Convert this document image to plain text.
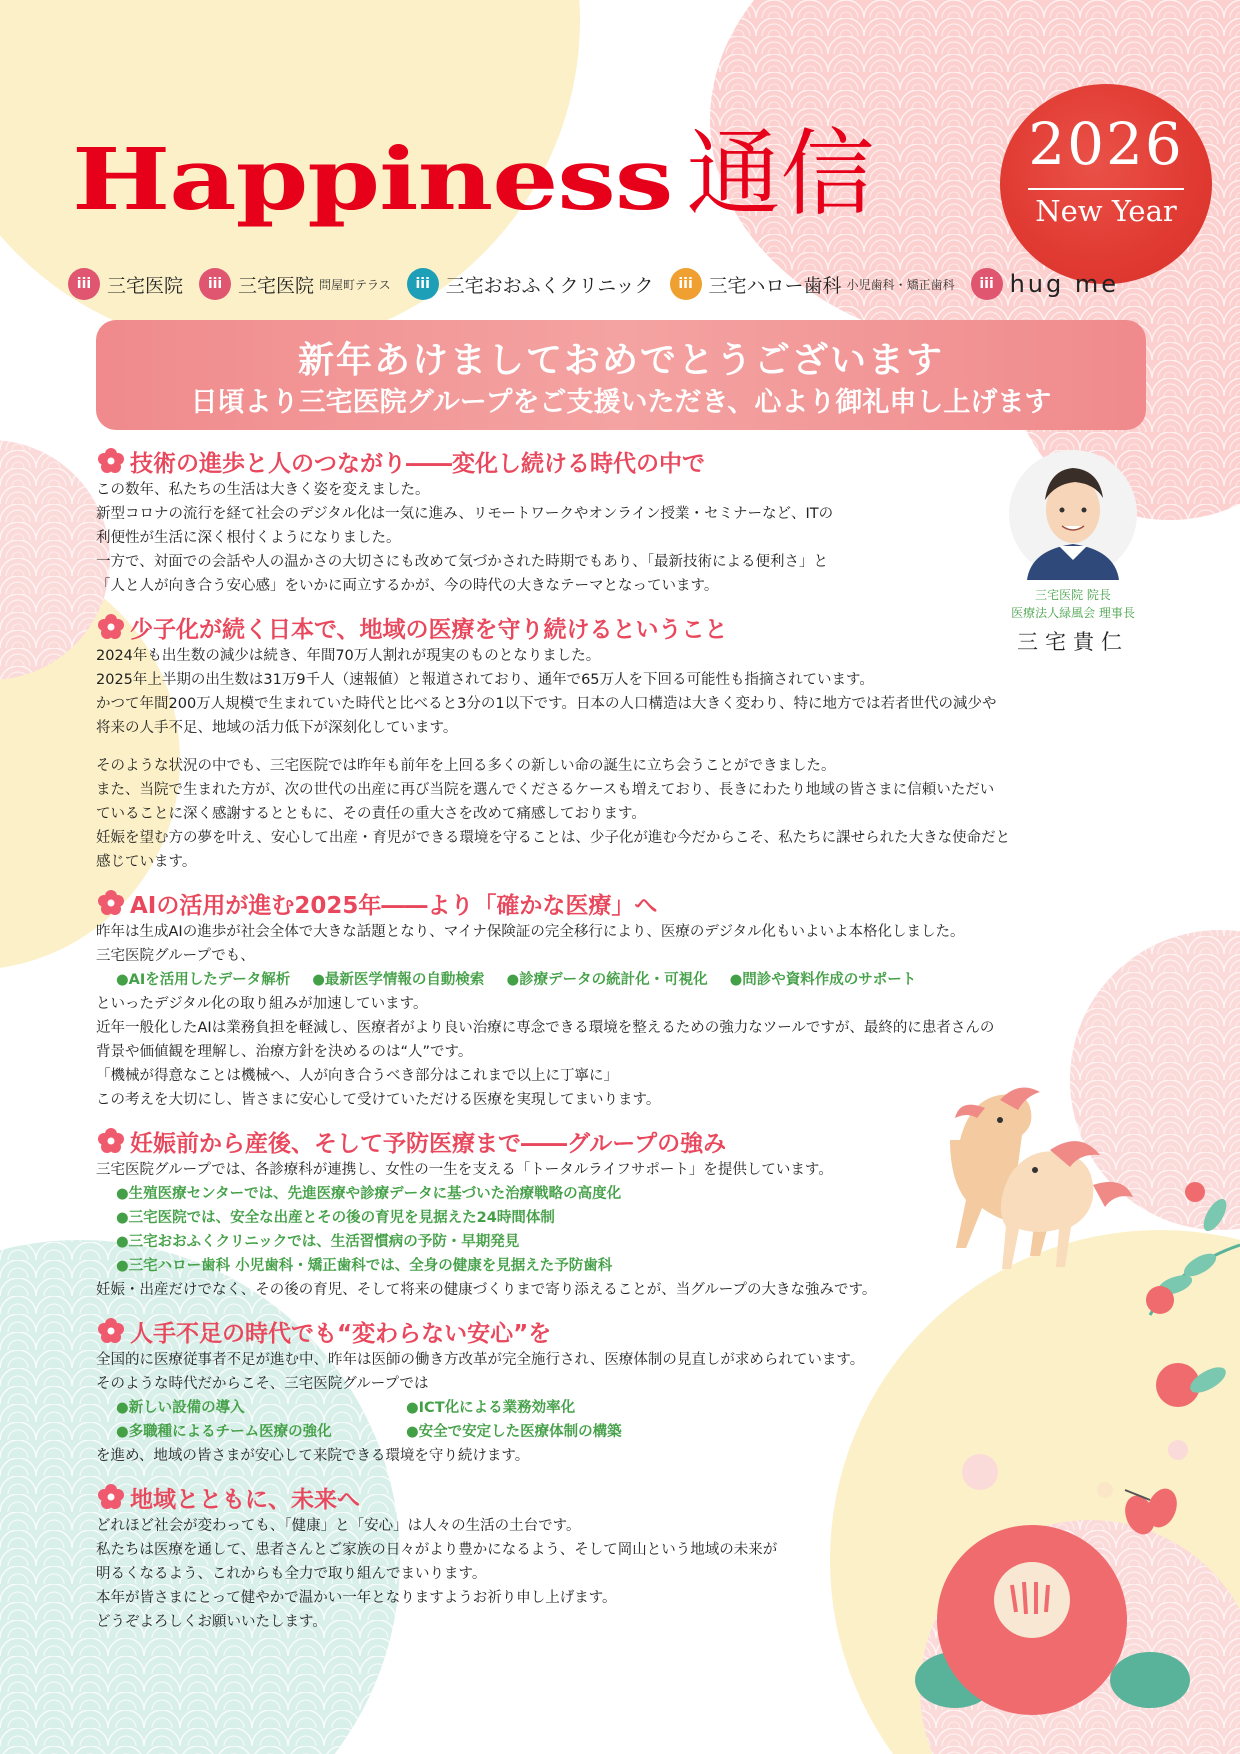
Happiness 通信	2026
New Year
iii 三宅医院	iii 三宅医院 問屋町テラス	iii 三宅おおふくクリニック	iii 三宅ハロー歯科 小児歯科・矯正歯科	iii hug me
新年あけましておめでとうございます
日頃より三宅医院グループをご支援いただき、心より御礼申し上げます
三宅医院 院長
医療法人緑風会 理事長
三宅貴仁
技術の進歩と人のつながり――変化し続ける時代の中で
この数年、私たちの生活は大きく姿を変えました。
新型コロナの流行を経て社会のデジタル化は一気に進み、リモートワークやオンライン授業・セミナーなど、ITの
利便性が生活に深く根付くようになりました。
一方で、対面での会話や人の温かさの大切さにも改めて気づかされた時期でもあり、「最新技術による便利さ」と
「人と人が向き合う安心感」をいかに両立するかが、今の時代の大きなテーマとなっています。
少子化が続く日本で、地域の医療を守り続けるということ
2024年も出生数の減少は続き、年間70万人割れが現実のものとなりました。
2025年上半期の出生数は31万9千人（速報値）と報道されており、通年で65万人を下回る可能性も指摘されています。
かつて年間200万人規模で生まれていた時代と比べると3分の1以下です。日本の人口構造は大きく変わり、特に地方では若者世代の減少や
将来の人手不足、地域の活力低下が深刻化しています。
そのような状況の中でも、三宅医院では昨年も前年を上回る多くの新しい命の誕生に立ち会うことができました。
また、当院で生まれた方が、次の世代の出産に再び当院を選んでくださるケースも増えており、長きにわたり地域の皆さまに信頼いただい
ていることに深く感謝するとともに、その責任の重大さを改めて痛感しております。
妊娠を望む方の夢を叶え、安心して出産・育児ができる環境を守ることは、少子化が進む今だからこそ、私たちに課せられた大きな使命だと
感じています。
AIの活用が進む2025年――より「確かな医療」へ
昨年は生成AIの進歩が社会全体で大きな話題となり、マイナ保険証の完全移行により、医療のデジタル化もいよいよ本格化しました。
三宅医院グループでも、
●AIを活用したデータ解析 ●最新医学情報の自動検索 ●診療データの統計化・可視化 ●問診や資料作成のサポート
といったデジタル化の取り組みが加速しています。
近年一般化したAIは業務負担を軽減し、医療者がより良い治療に専念できる環境を整えるための強力なツールですが、最終的に患者さんの
背景や価値観を理解し、治療方針を決めるのは“人”です。
「機械が得意なことは機械へ、人が向き合うべき部分はこれまで以上に丁寧に」
この考えを大切にし、皆さまに安心して受けていただける医療を実現してまいります。
妊娠前から産後、そして予防医療まで――グループの強み
三宅医院グループでは、各診療科が連携し、女性の一生を支える「トータルライフサポート」を提供しています。
●生殖医療センターでは、先進医療や診療データに基づいた治療戦略の高度化
●三宅医院では、安全な出産とその後の育児を見据えた24時間体制
●三宅おおふくクリニックでは、生活習慣病の予防・早期発見
●三宅ハロー歯科 小児歯科・矯正歯科では、全身の健康を見据えた予防歯科
妊娠・出産だけでなく、その後の育児、そして将来の健康づくりまで寄り添えることが、当グループの大きな強みです。
人手不足の時代でも“変わらない安心”を
全国的に医療従事者不足が進む中、昨年は医師の働き方改革が完全施行され、医療体制の見直しが求められています。
そのような時代だからこそ、三宅医院グループでは
●新しい設備の導入	●ICT化による業務効率化
●多職種によるチーム医療の強化	●安全で安定した医療体制の構築
を進め、地域の皆さまが安心して来院できる環境を守り続けます。
地域とともに、未来へ
どれほど社会が変わっても、「健康」と「安心」は人々の生活の土台です。
私たちは医療を通して、患者さんとご家族の日々がより豊かになるよう、そして岡山という地域の未来が
明るくなるよう、これからも全力で取り組んでまいります。
本年が皆さまにとって健やかで温かい一年となりますようお祈り申し上げます。
どうぞよろしくお願いいたします。
